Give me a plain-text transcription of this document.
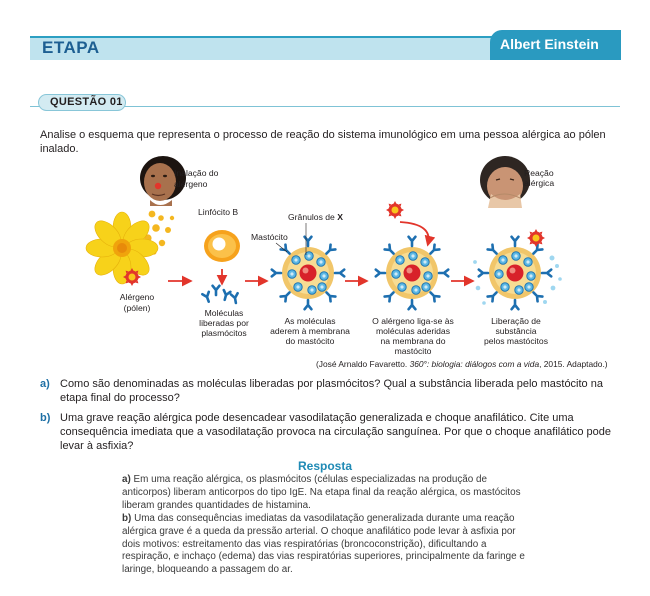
ETAPA	Albert Einstein
QUESTÃO 01
Analise o esquema que representa o processo de reação do sistema imunológico em uma pessoa alérgica ao pólen inalado.
Inalação do
alérgeno
Reação
alérgica
Linfócito B	Grânulos de X
Mastócito
Alérgeno
(pólen)	Moléculas
liberadas por
plasmócitos
As moléculas
aderem à membrana
do mastócito
O alérgeno liga-se às
moléculas aderidas
na membrana do
mastócito
Liberação de
substância
pelos mastócitos
(José Arnaldo Favaretto. 360°: biologia: diálogos com a vida, 2015. Adaptado.)
a) Como são denominadas as moléculas liberadas por plasmócitos? Qual a substância liberada pelo mastócito na etapa final do processo?
b) Uma grave reação alérgica pode desencadear vasodilatação generalizada e choque anafilático. Cite uma consequência imediata que a vasodilatação provoca na circulação sanguínea. Por que o choque anafilático pode levar à asfixia?
Resposta

a) Em uma reação alérgica, os plasmócitos (células especializadas na produção de anticorpos) liberam anticorpos do tipo IgE. Na etapa final da reação alérgica, os mastócitos liberam grandes quantidades de histamina.

b) Uma das consequências imediatas da vasodilatação generalizada durante uma reação alérgica grave é a queda da pressão arterial. O choque anafilático pode levar à asfixia por dois motivos: estreitamento das vias respiratórias (broncoconstrição), dificultando a respiração, e inchaço (edema) das vias respiratórias superiores, principalmente da faringe e laringe, bloqueando a passagem do ar.
